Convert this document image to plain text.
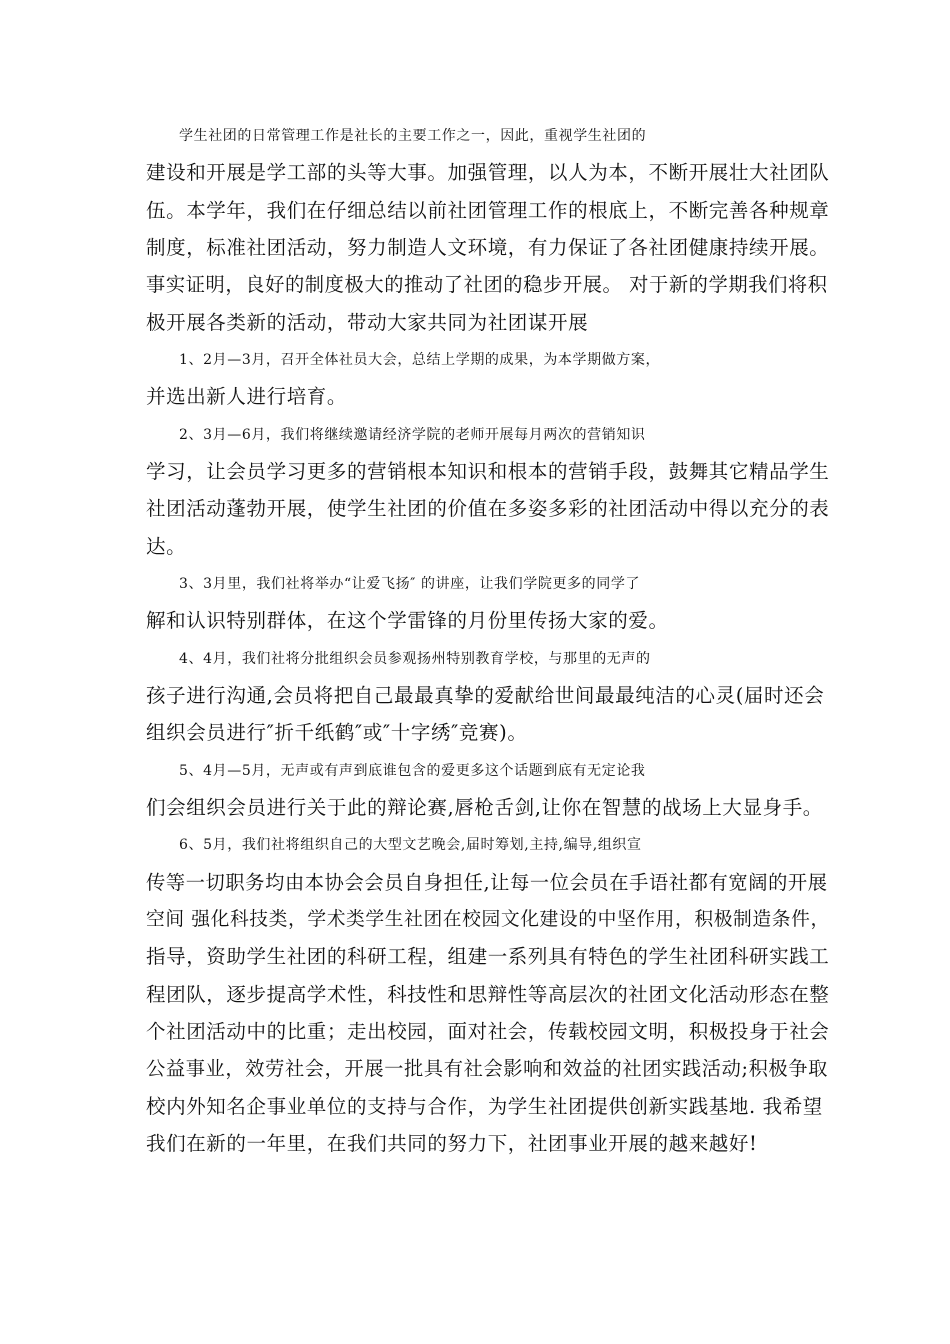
学生社团的日常管理工作是社长的主要工作之一，因此，重视学生社团的
建设和开展是学工部的头等大事。加强管理，以人为本，不断开展壮大社团队
伍。本学年，我们在仔细总结以前社团管理工作的根底上，不断完善各种规章
制度，标准社团活动，努力制造人文环境，有力保证了各社团健康持续开展。
事实证明，良好的制度极大的推动了社团的稳步开展。 对于新的学期我们将积
极开展各类新的活动，带动大家共同为社团谋开展
1、2月—3月，召开全体社员大会，总结上学期的成果，为本学期做方案，
并选出新人进行培育。
2、3月—6月，我们将继续邀请经济学院的老师开展每月两次的营销知识
学习，让会员学习更多的营销根本知识和根本的营销手段，鼓舞其它精品学生
社团活动蓬勃开展，使学生社团的价值在多姿多彩的社团活动中得以充分的表
达。
3、3月里，我们社将举办“让爱飞扬″ 的讲座，让我们学院更多的同学了
解和认识特别群体，在这个学雷锋的月份里传扬大家的爱。
4、4月，我们社将分批组织会员参观扬州特别教育学校，与那里的无声的
孩子进行沟通,会员将把自己最最真挚的爱献给世间最最纯洁的心灵(届时还会
组织会员进行″折千纸鹤″或″十字绣″竞赛)。
5、4月—5月，无声或有声到底谁包含的爱更多这个话题到底有无定论我
们会组织会员进行关于此的辩论赛,唇枪舌剑,让你在智慧的战场上大显身手。
6、5月，我们社将组织自己的大型文艺晚会,届时筹划,主持,编导,组织宣
传等一切职务均由本协会会员自身担任,让每一位会员在手语社都有宽阔的开展
空间 强化科技类，学术类学生社团在校园文化建设的中坚作用，积极制造条件，
指导，资助学生社团的科研工程，组建一系列具有特色的学生社团科研实践工
程团队，逐步提高学术性，科技性和思辩性等高层次的社团文化活动形态在整
个社团活动中的比重；走出校园，面对社会，传载校园文明，积极投身于社会
公益事业，效劳社会，开展一批具有社会影响和效益的社团实践活动;积极争取
校内外知名企事业单位的支持与合作，为学生社团提供创新实践基地. 我希望
我们在新的一年里，在我们共同的努力下，社团事业开展的越来越好!
